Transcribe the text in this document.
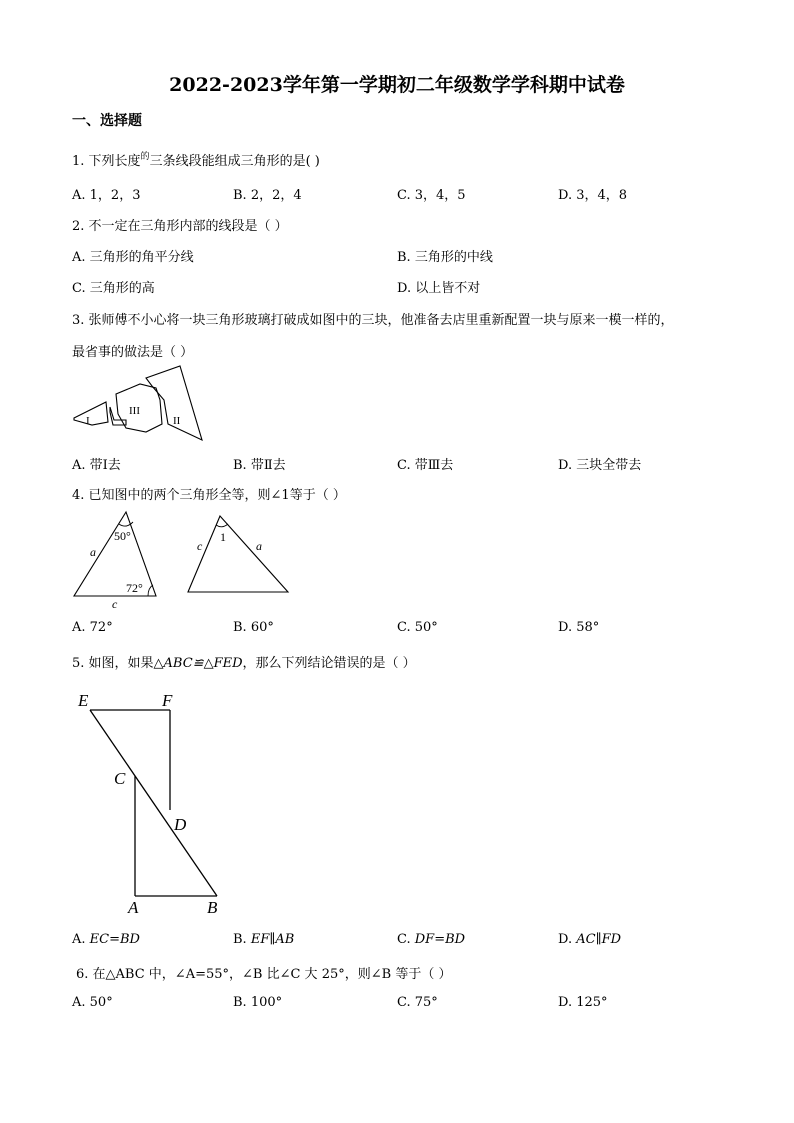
2022-2023学年第一学期初二年级数学学科期中试卷
一、选择题
1. 下列长度$^的$三条线段能组成三角形的是( )
A. 1，2，3	B. 2，2，4	C. 3，4，5	D. 3，4，8
2. 不一定在三角形内部的线段是（ ）
A. 三角形的角平分线	B. 三角形的中线
C. 三角形的高	D. 以上皆不对
3. 张师傅不小心将一块三角形玻璃打破成如图中的三块，他准备去店里重新配置一块与原来一模一样的，
最省事的做法是（ ）
I
III
II
A. 带Ⅰ去	B. 带Ⅱ去	C. 带Ⅲ去	D. 三块全带去
4. 已知图中的两个三角形全等，则∠1等于（ ）
50°
72°
a
c
1
c	a
A. 72°	B. 60°	C. 50°	D. 58°
5. 如图，如果△ABC≌△FED，那么下列结论错误的是（ ）
E	F
C
D
A	B
A. EC=BD	B. EF∥AB	C. DF=BD	D. AC∥FD
6. 在△ABC 中，∠A=55°，∠B 比∠C 大 25°，则∠B 等于（ ）
A. 50°	B. 100°	C. 75°	D. 125°
